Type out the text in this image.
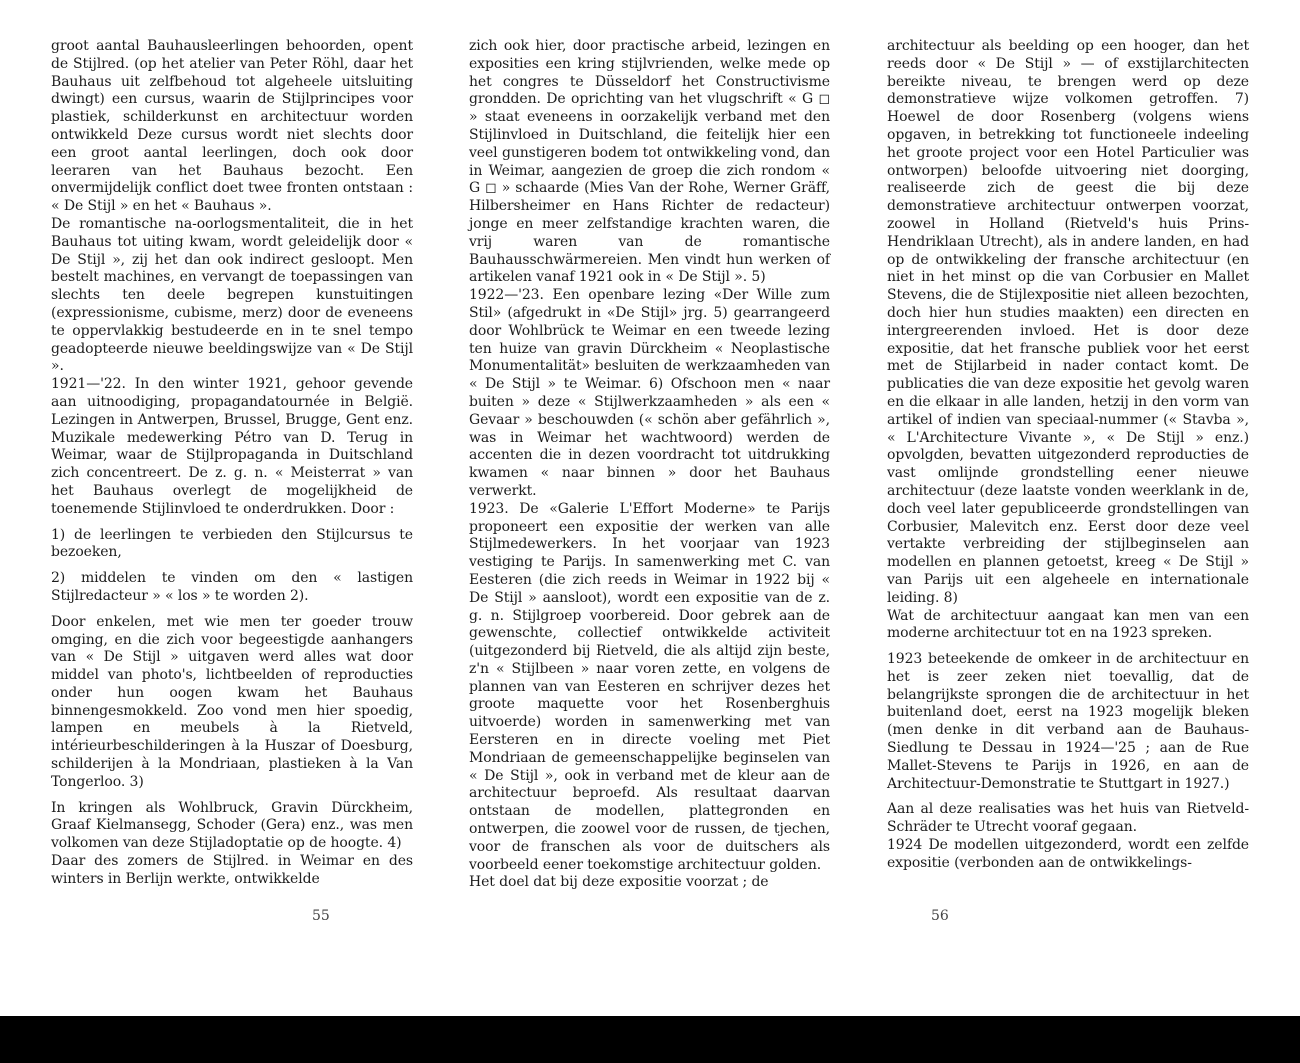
groot aantal Bauhausleerlingen behoorden, opent de Stijlred. (op het atelier van Peter Röhl, daar het Bauhaus uit zelfbehoud tot algeheele uitsluiting dwingt) een cursus, waarin de Stijlprincipes voor plastiek, schilderkunst en architectuur worden ontwikkeld Deze cursus wordt niet slechts door een groot aantal leerlingen, doch ook door leeraren van het Bauhaus bezocht. Een onvermijdelijk conflict doet twee fronten ontstaan : « De Stijl » en het « Bauhaus ».

De romantische na-oorlogsmentaliteit, die in het Bauhaus tot uiting kwam, wordt geleidelijk door « De Stijl », zij het dan ook indirect gesloopt. Men bestelt machines, en vervangt de toepassingen van slechts ten deele begrepen kunstuitingen (expressionisme, cubisme, merz) door de eveneens te oppervlakkig bestudeerde en in te snel tempo geadopteerde nieuwe beeldingswijze van « De Stijl ».

1921—'22. In den winter 1921, gehoor gevende aan uitnoodiging, propagandatournée in België. Lezingen in Antwerpen, Brussel, Brugge, Gent enz. Muzikale medewerking Pétro van D. Terug in Weimar, waar de Stijlpropaganda in Duitschland zich concentreert. De z. g. n. « Meisterrat » van het Bauhaus overlegt de mogelijkheid de toenemende Stijlinvloed te onderdrukken. Door :

1) de leerlingen te verbieden den Stijlcursus te bezoeken,

2) middelen te vinden om den « lastigen Stijlredacteur » « los » te worden 2).

Door enkelen, met wie men ter goeder trouw omging, en die zich voor begeestigde aanhangers van « De Stijl » uitgaven werd alles wat door middel van photo's, lichtbeelden of reproducties onder hun oogen kwam het Bauhaus binnengesmokkeld. Zoo vond men hier spoedig, lampen en meubels à la Rietveld, intérieurbeschilderingen à la Huszar of Doesburg, schilderijen à la Mondriaan, plastieken à la Van Tongerloo. 3)

In kringen als Wohlbruck, Gravin Dürckheim, Graaf Kielmansegg, Schoder (Gera) enz., was men volkomen van deze Stijladoptatie op de hoogte. 4)

Daar des zomers de Stijlred. in Weimar en des winters in Berlijn werkte, ontwikkelde

zich ook hier, door practische arbeid, lezingen en exposities een kring stijlvrienden, welke mede op het congres te Düsseldorf het Constructivisme grondden. De oprichting van het vlugschrift « G ◻ » staat eveneens in oorzakelijk verband met den Stijlinvloed in Duitschland, die feitelijk hier een veel gunstigeren bodem tot ontwikkeling vond, dan in Weimar, aangezien de groep die zich rondom « G ◻ » schaarde (Mies Van der Rohe, Werner Gräff, Hilbersheimer en Hans Richter de redacteur) jonge en meer zelfstandige krachten waren, die vrij waren van de romantische Bauhausschwärmereien. Men vindt hun werken of artikelen vanaf 1921 ook in « De Stijl ». 5)

1922—'23. Een openbare lezing «Der Wille zum Stil» (afgedrukt in «De Stijl» jrg. 5) gearrangeerd door Wohlbrück te Weimar en een tweede lezing ten huize van gravin Dürckheim « Neoplastische Monumentalität» besluiten de werkzaamheden van « De Stijl » te Weimar. 6) Ofschoon men « naar buiten » deze « Stijlwerkzaamheden » als een « Gevaar » beschouwden (« schön aber gefährlich », was in Weimar het wachtwoord) werden de accenten die in dezen voordracht tot uitdrukking kwamen « naar binnen » door het Bauhaus verwerkt.

1923. De «Galerie L'Effort Moderne» te Parijs proponeert een expositie der werken van alle Stijlmedewerkers. In het voorjaar van 1923 vestiging te Parijs. In samenwerking met C. van Eesteren (die zich reeds in Weimar in 1922 bij « De Stijl » aansloot), wordt een expositie van de z. g. n. Stijlgroep voorbereid. Door gebrek aan de gewenschte, collectief ontwikkelde activiteit (uitgezonderd bij Rietveld, die als altijd zijn beste, z'n « Stijlbeen » naar voren zette, en volgens de plannen van van Eesteren en schrijver dezes het groote maquette voor het Rosenberghuis uitvoerde) worden in samenwerking met van Eersteren en in directe voeling met Piet Mondriaan de gemeenschappelijke beginselen van « De Stijl », ook in verband met de kleur aan de architectuur beproefd. Als resultaat daarvan ontstaan de modellen, plattegronden en ontwerpen, die zoowel voor de russen, de tjechen, voor de franschen als voor de duitschers als voorbeeld eener toekomstige architectuur golden.

Het doel dat bij deze expositie voorzat ; de

architectuur als beelding op een hooger, dan het reeds door « De Stijl » — of exstijlarchitecten bereikte niveau, te brengen werd op deze demonstratieve wijze volkomen getroffen. 7) Hoewel de door Rosenberg (volgens wiens opgaven, in betrekking tot functioneele indeeling het groote project voor een Hotel Particulier was ontworpen) beloofde uitvoering niet doorging, realiseerde zich de geest die bij deze demonstratieve architectuur ontwerpen voorzat, zoowel in Holland (Rietveld's huis Prins-Hendriklaan Utrecht), als in andere landen, en had op de ontwikkeling der fransche architectuur (en niet in het minst op die van Corbusier en Mallet Stevens, die de Stijlexpositie niet alleen bezochten, doch hier hun studies maakten) een directen en intergreerenden invloed. Het is door deze expositie, dat het fransche publiek voor het eerst met de Stijlarbeid in nader contact komt. De publicaties die van deze expositie het gevolg waren en die elkaar in alle landen, hetzij in den vorm van artikel of indien van speciaal-nummer (« Stavba », « L'Architecture Vivante », « De Stijl » enz.) opvolgden, bevatten uitgezonderd reproducties de vast omlijnde grondstelling eener nieuwe architectuur (deze laatste vonden weerklank in de, doch veel later gepubliceerde grondstellingen van Corbusier, Malevitch enz. Eerst door deze veel vertakte verbreiding der stijlbeginselen aan modellen en plannen getoetst, kreeg « De Stijl » van Parijs uit een algeheele en internationale leiding. 8)

Wat de architectuur aangaat kan men van een moderne architectuur tot en na 1923 spreken.

1923 beteekende de omkeer in de architectuur en het is zeer zeken niet toevallig, dat de belangrijkste sprongen die de architectuur in het buitenland doet, eerst na 1923 mogelijk bleken (men denke in dit verband aan de Bauhaus-Siedlung te Dessau in 1924—'25 ; aan de Rue Mallet-Stevens te Parijs in 1926, en aan de Architectuur-Demonstratie te Stuttgart in 1927.)

Aan al deze realisaties was het huis van Rietveld-Schräder te Utrecht vooraf gegaan.

1924 De modellen uitgezonderd, wordt een zelfde expositie (verbonden aan de ontwikkelings-

55	56
